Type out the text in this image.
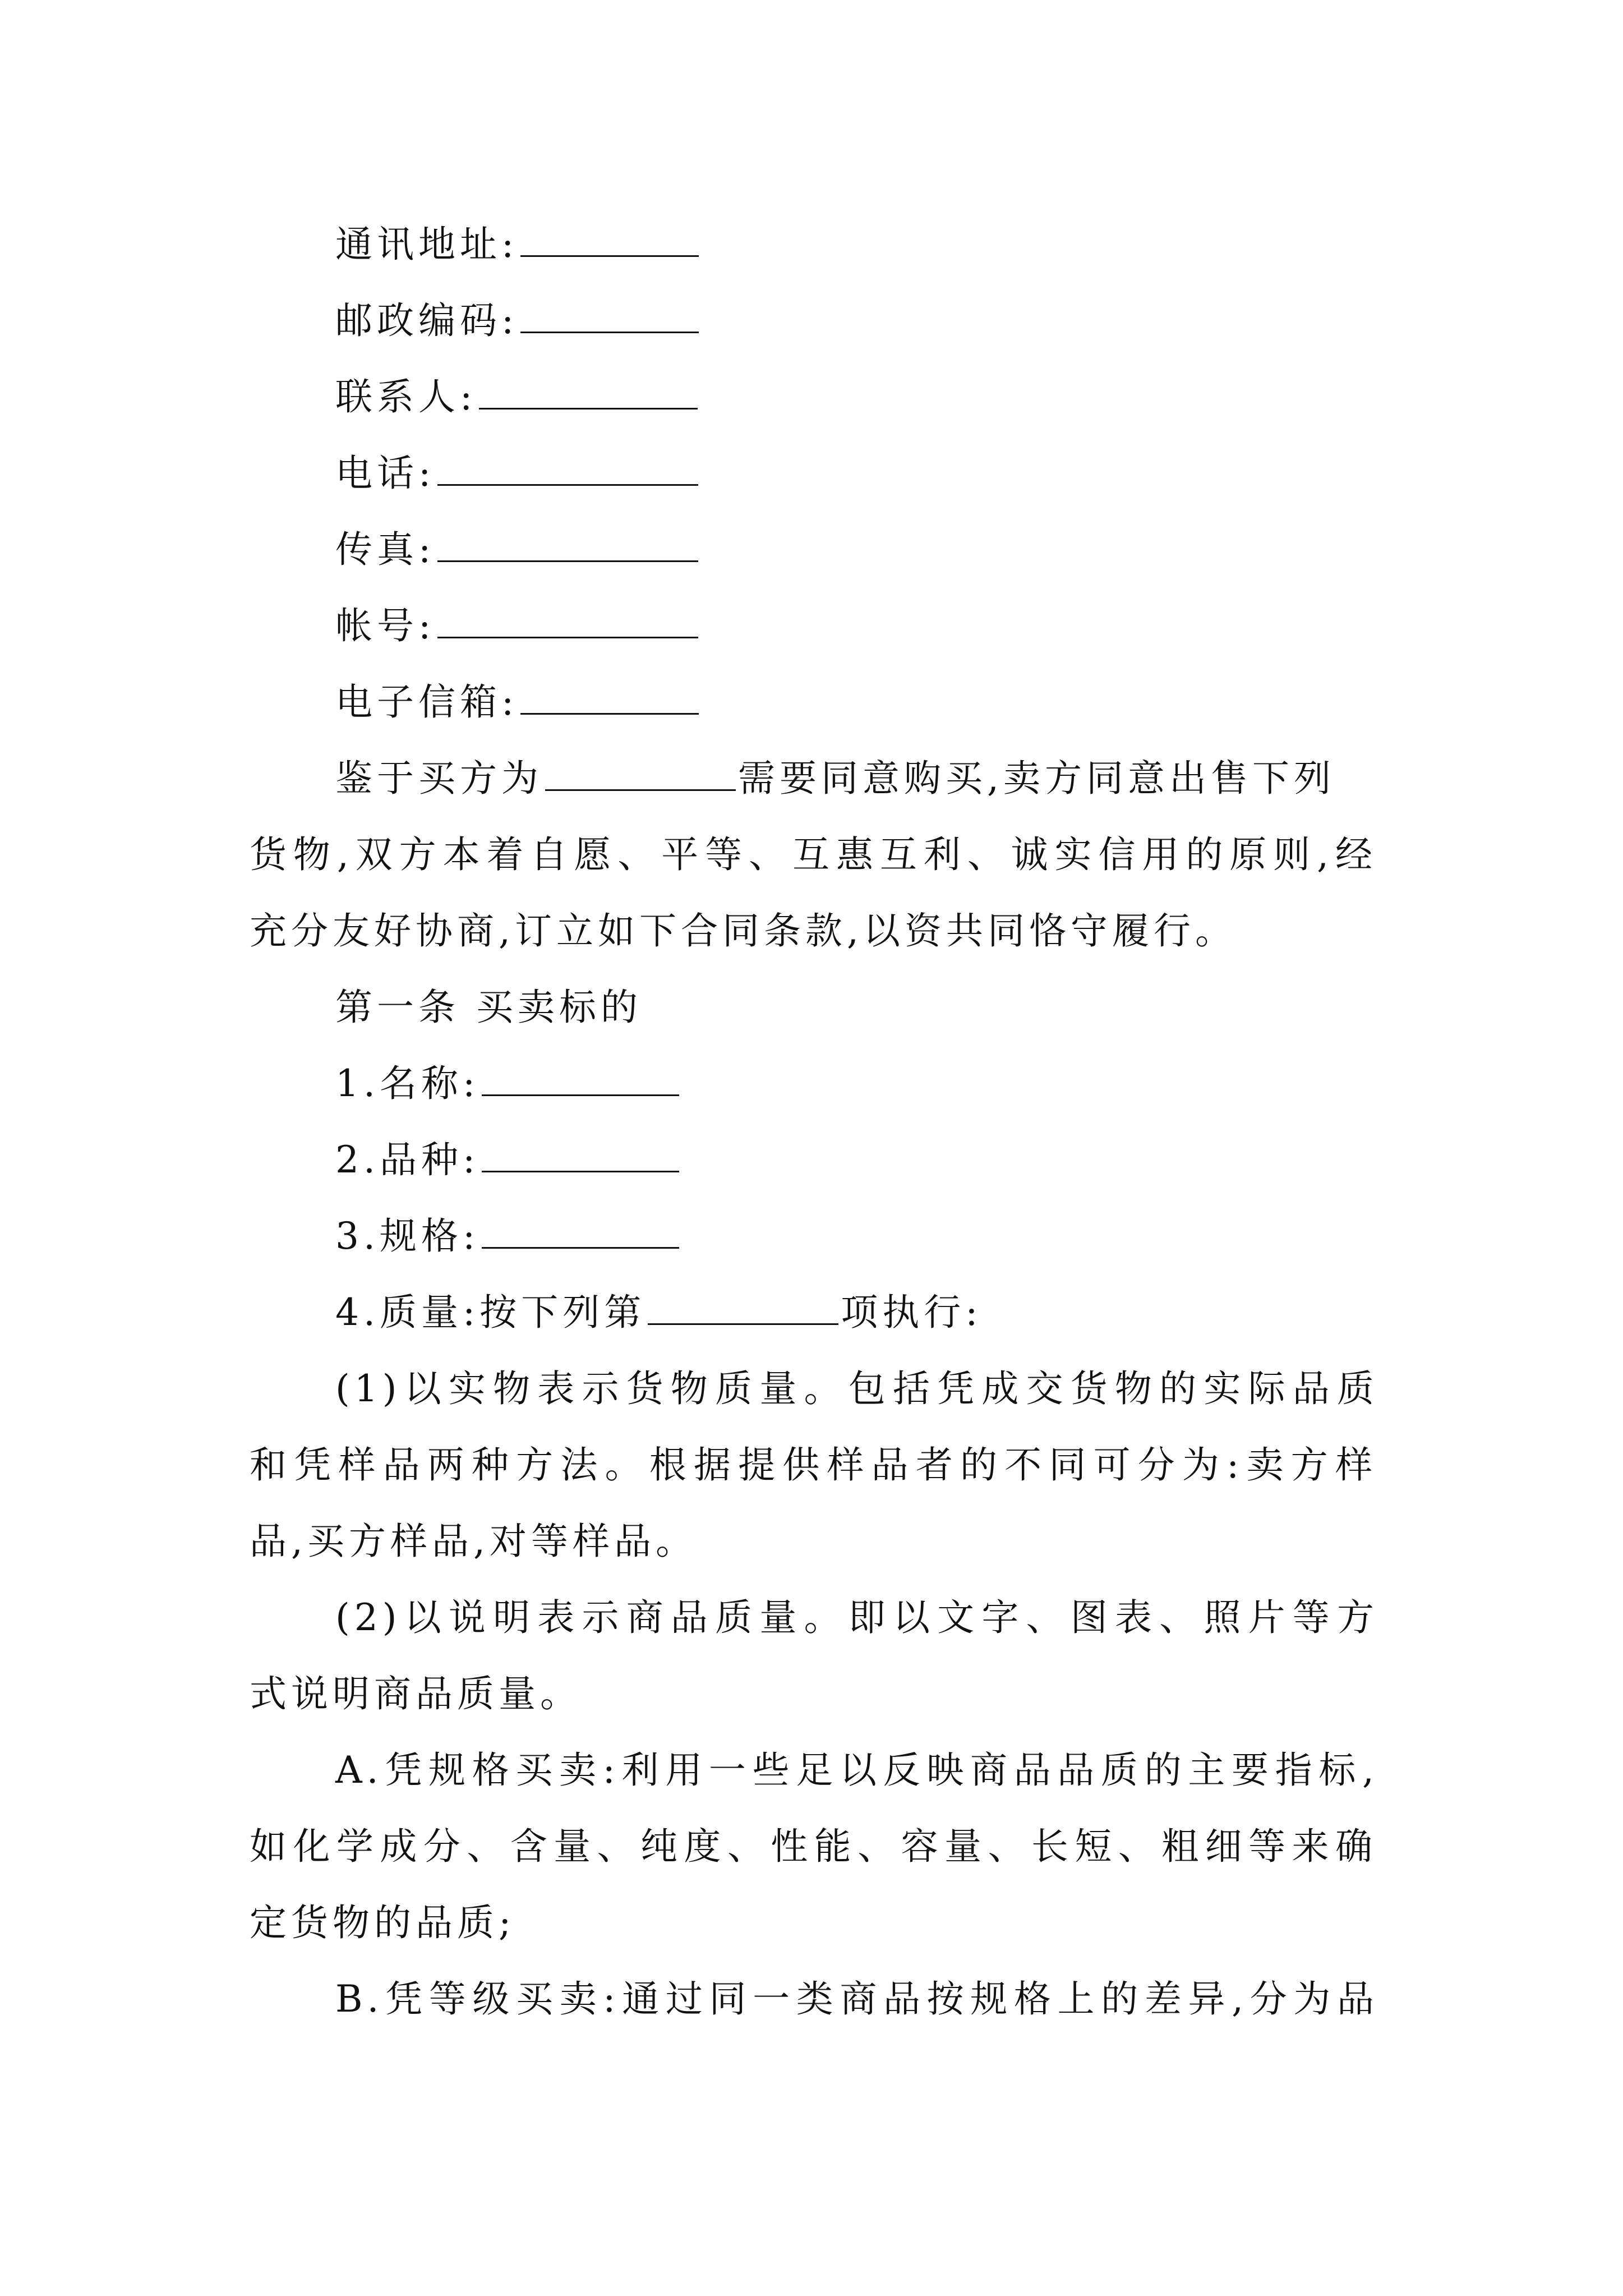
通讯地址:
邮政编码:
联系人:
电话:
传真:
帐号:
电子信箱:
鉴于买方为	需要同意购买,卖方同意出售下列
货物,双方本着自愿、平等、互惠互利、诚实信用的原则,经
充分友好协商,订立如下合同条款,以资共同恪守履行。
第一条 买卖标的
1.名称:
2.品种:
3.规格:
4.质量:按下列第	项执行:
(1)以实物表示货物质量。包括凭成交货物的实际品质
和凭样品两种方法。根据提供样品者的不同可分为:卖方样
品,买方样品,对等样品。
(2)以说明表示商品质量。即以文字、图表、照片等方
式说明商品质量。
A.凭规格买卖:利用一些足以反映商品品质的主要指标,
如化学成分、含量、纯度、性能、容量、长短、粗细等来确
定货物的品质;
B.凭等级买卖:通过同一类商品按规格上的差异,分为品
